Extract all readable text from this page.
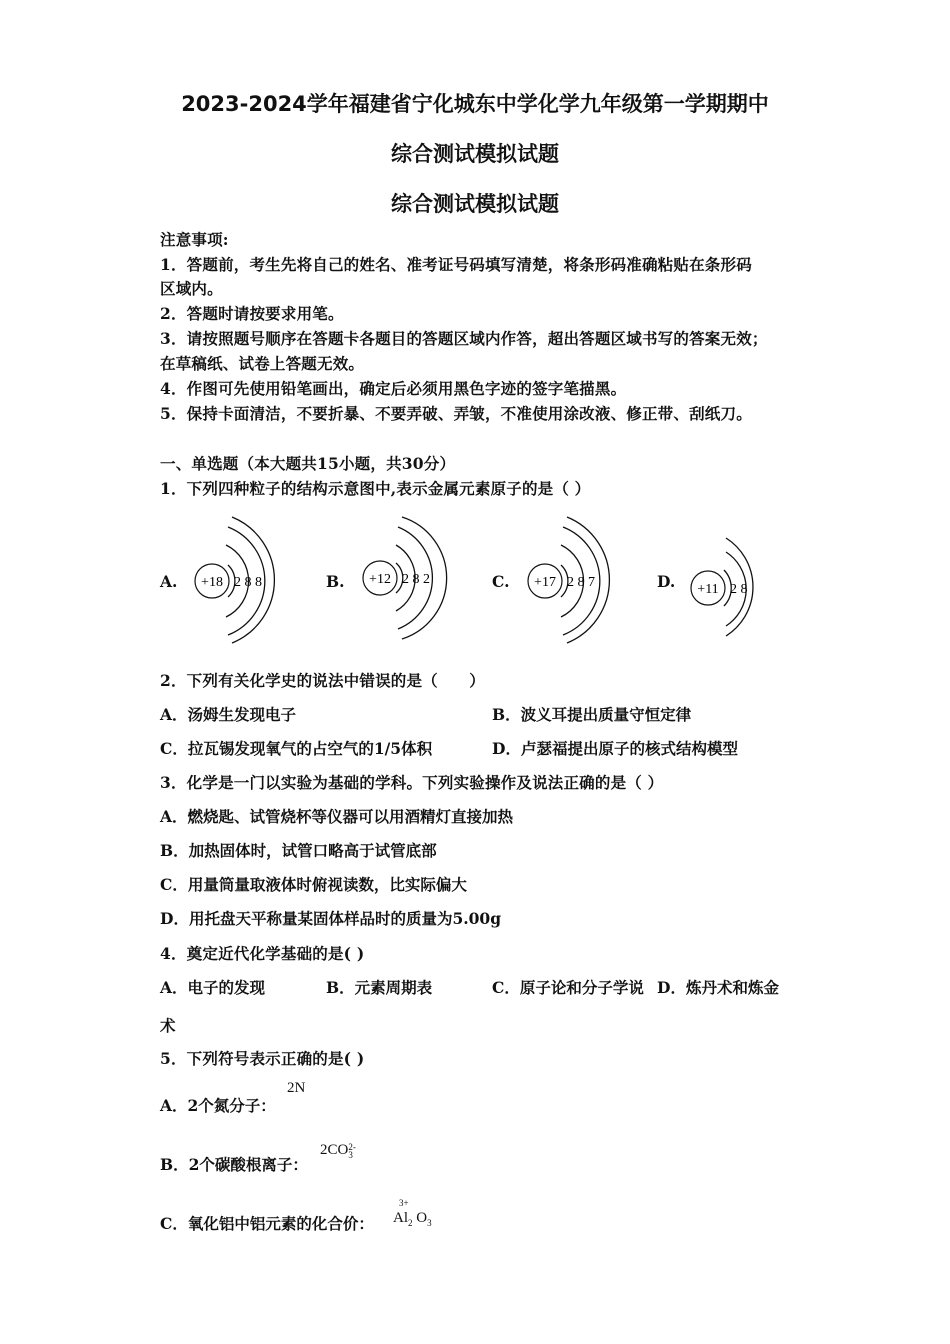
2023-2024学年福建省宁化城东中学化学九年级第一学期期中
综合测试模拟试题
综合测试模拟试题
注意事项:
1．答题前，考生先将自己的姓名、准考证号码填写清楚，将条形码准确粘贴在条形码
区域内。
2．答题时请按要求用笔。
3．请按照题号顺序在答题卡各题目的答题区域内作答，超出答题区域书写的答案无效；
在草稿纸、试卷上答题无效。
4．作图可先使用铅笔画出，确定后必须用黑色字迹的签字笔描黑。
5．保持卡面清洁，不要折暴、不要弄破、弄皱，不准使用涂改液、修正带、刮纸刀。
一、单选题（本大题共15小题，共30分）
1．下列四种粒子的结构示意图中,表示金属元素原子的是（ ）
A. +18 2 8 8	B. +12 2 8 2	C. +17 2 8 7	D. +11 2 8
2．下列有关化学史的说法中错误的是（　　）
A．汤姆生发现电子	B．波义耳提出质量守恒定律
C．拉瓦锡发现氧气的占空气的1/5体积	D．卢瑟福提出原子的核式结构模型
3．化学是一门以实验为基础的学科。下列实验操作及说法正确的是（ ）
A．燃烧匙、试管烧杯等仪器可以用酒精灯直接加热
B．加热固体时，试管口略高于试管底部
C．用量筒量取液体时俯视读数，比实际偏大
D．用托盘天平称量某固体样品时的质量为5.00g
4．奠定近代化学基础的是( )
A．电子的发现	B．元素周期表	C．原子论和分子学说 D．炼丹术和炼金
术
5．下列符号表示正确的是( )
A．2个氮分子：
2N
B．2个碳酸根离子：
2CO 2-
3
C．氧化铝中铝元素的化合价：
3+
$Al_2$ $O_3$
